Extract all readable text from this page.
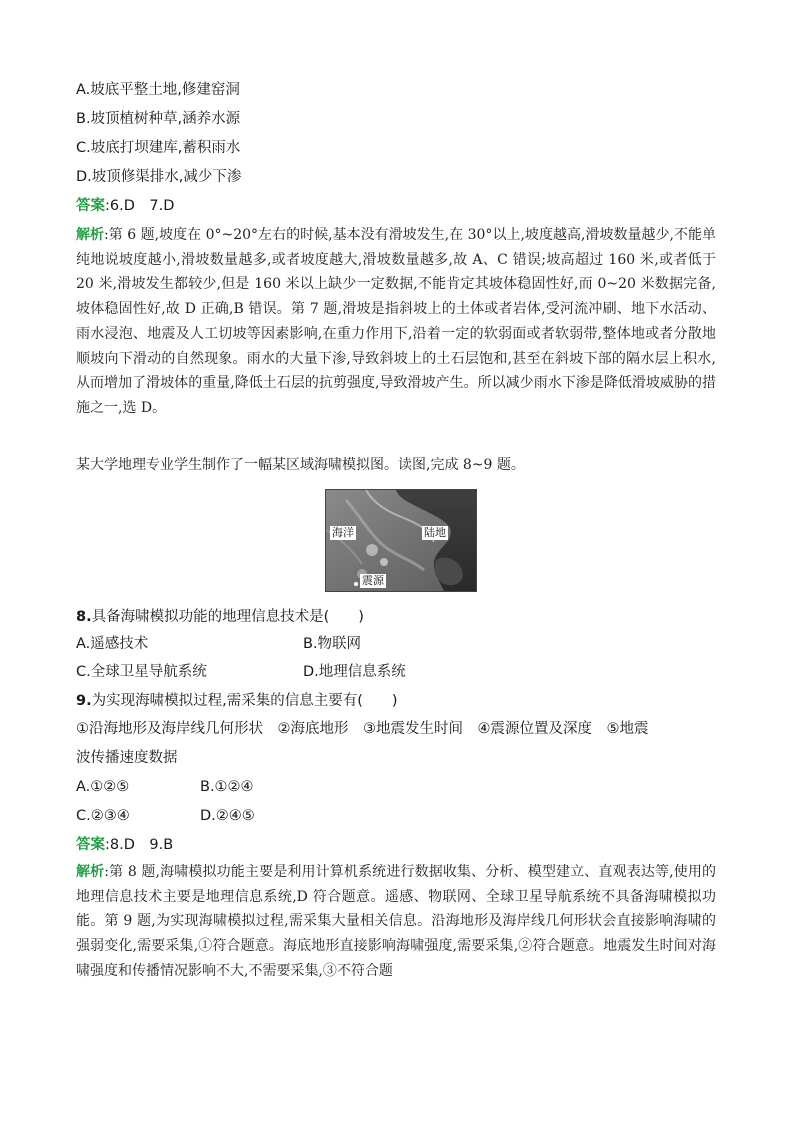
A.坡底平整土地,修建窑洞
B.坡顶植树种草,涵养水源
C.坡底打坝建库,蓄积雨水
D.坡顶修渠排水,减少下渗
答案:6.D　7.D
解析:第 6 题,坡度在 0°~20°左右的时候,基本没有滑坡发生,在 30°以上,坡度越高,滑坡数量越少,不能单纯地说坡度越小,滑坡数量越多,或者坡度越大,滑坡数量越多,故 A、C 错误;坡高超过 160 米,或者低于 20 米,滑坡发生都较少,但是 160 米以上缺少一定数据,不能肯定其坡体稳固性好,而 0~20 米数据完备,坡体稳固性好,故 D 正确,B 错误。第 7 题,滑坡是指斜坡上的土体或者岩体,受河流冲刷、地下水活动、雨水浸泡、地震及人工切坡等因素影响,在重力作用下,沿着一定的软弱面或者软弱带,整体地或者分散地顺坡向下滑动的自然现象。雨水的大量下渗,导致斜坡上的土石层饱和,甚至在斜坡下部的隔水层上积水,从而增加了滑坡体的重量,降低土石层的抗剪强度,导致滑坡产生。所以减少雨水下渗是降低滑坡威胁的措施之一,选 D。
某大学地理专业学生制作了一幅某区域海啸模拟图。读图,完成 8~9 题。
海洋	陆地
震源
8.具备海啸模拟功能的地理信息技术是(　　)
A.遥感技术	B.物联网
C.全球卫星导航系统	D.地理信息系统
9.为实现海啸模拟过程,需采集的信息主要有(　　)
①沿海地形及海岸线几何形状　②海底地形　③地震发生时间　④震源位置及深度　⑤地震
波传播速度数据
A.①②⑤	B.①②④
C.②③④	D.②④⑤
答案:8.D　9.B
解析:第 8 题,海啸模拟功能主要是利用计算机系统进行数据收集、分析、模型建立、直观表达等,使用的地理信息技术主要是地理信息系统,D 符合题意。遥感、物联网、全球卫星导航系统不具备海啸模拟功能。第 9 题,为实现海啸模拟过程,需采集大量相关信息。沿海地形及海岸线几何形状会直接影响海啸的强弱变化,需要采集,①符合题意。海底地形直接影响海啸强度,需要采集,②符合题意。地震发生时间对海啸强度和传播情况影响不大,不需要采集,③不符合题
